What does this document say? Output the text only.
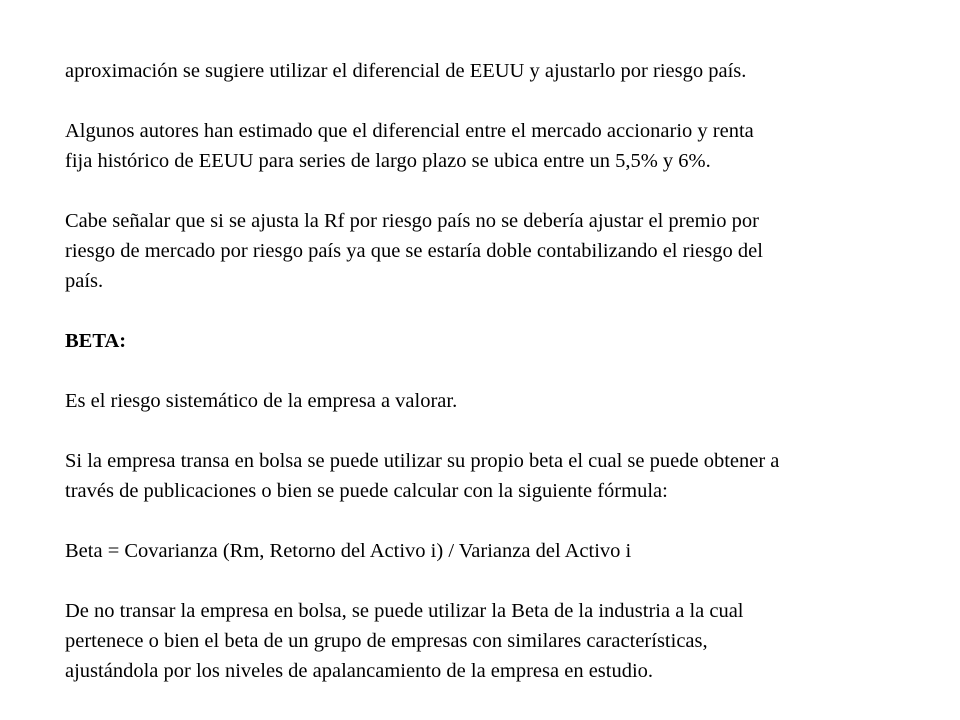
aproximación se sugiere utilizar el diferencial de EEUU y ajustarlo por riesgo país.
Algunos autores han estimado que el diferencial entre el mercado accionario y renta
fija histórico de EEUU para series de largo plazo se ubica entre un 5,5% y 6%.
Cabe señalar que si se ajusta la Rf por riesgo país no se debería ajustar el premio por
riesgo de mercado por riesgo país ya que se estaría doble contabilizando el riesgo del
país.
BETA:
Es el riesgo sistemático de la empresa a valorar.
Si la empresa transa en bolsa se puede utilizar su propio beta el cual se puede obtener a
través de publicaciones o bien se puede calcular con la siguiente fórmula:
Beta = Covarianza (Rm, Retorno del Activo i) / Varianza del Activo i
De no transar la empresa en bolsa, se puede utilizar la Beta de la industria a la cual
pertenece o bien el beta de un grupo de empresas con similares características,
ajustándola por los niveles de apalancamiento de la empresa en estudio.
